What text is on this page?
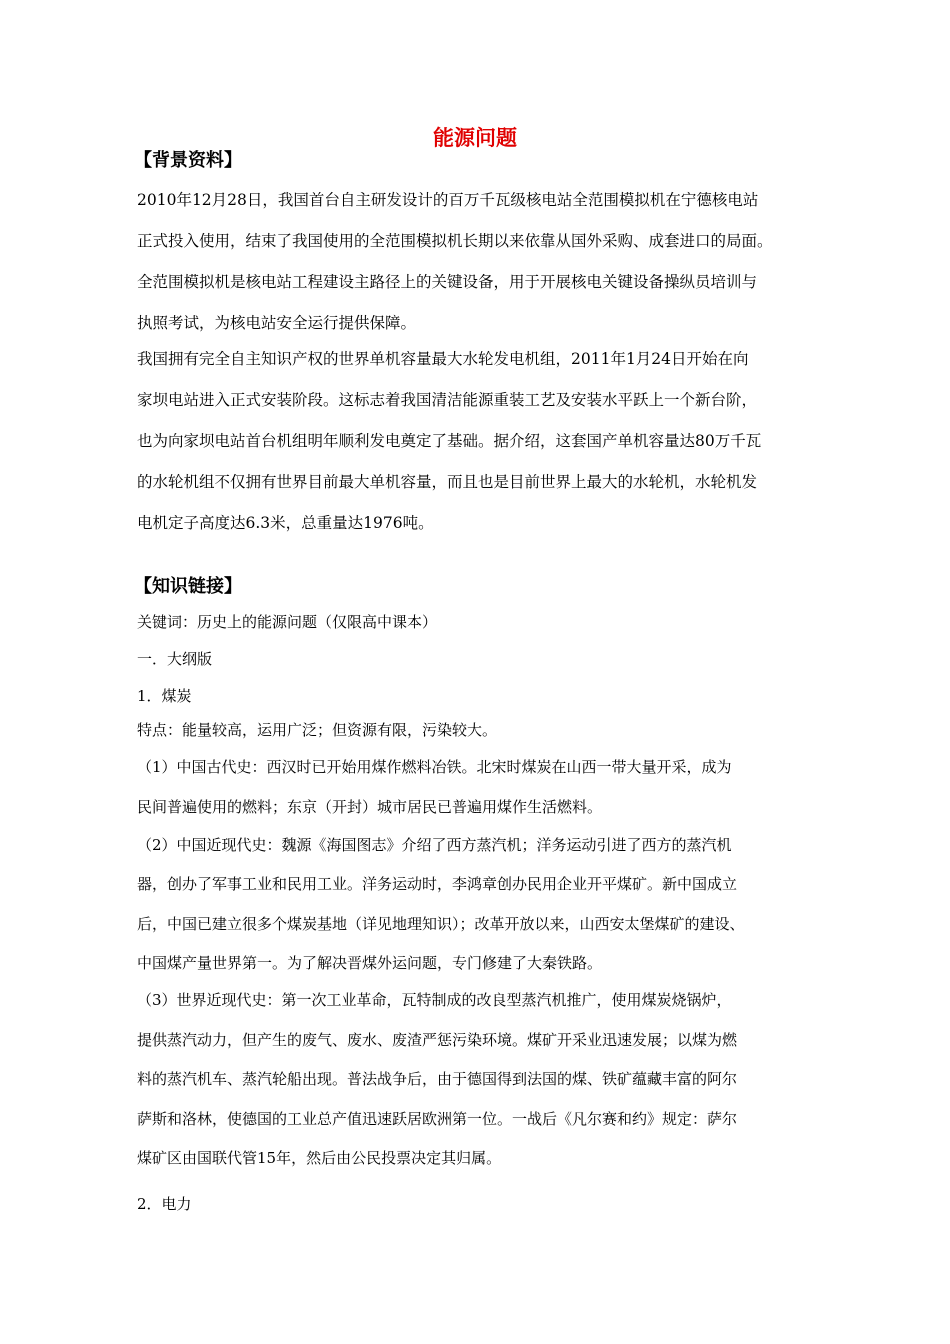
能源问题
【背景资料】
2010年12月28日，我国首台自主研发设计的百万千瓦级核电站全范围模拟机在宁德核电站
正式投入使用，结束了我国使用的全范围模拟机长期以来依靠从国外采购、成套进口的局面。
全范围模拟机是核电站工程建设主路径上的关键设备，用于开展核电关键设备操纵员培训与
执照考试，为核电站安全运行提供保障。
我国拥有完全自主知识产权的世界单机容量最大水轮发电机组，2011年1月24日开始在向
家坝电站进入正式安装阶段。这标志着我国清洁能源重装工艺及安装水平跃上一个新台阶，
也为向家坝电站首台机组明年顺利发电奠定了基础。据介绍，这套国产单机容量达80万千瓦
的水轮机组不仅拥有世界目前最大单机容量，而且也是目前世界上最大的水轮机，水轮机发
电机定子高度达6.3米，总重量达1976吨。
【知识链接】
关键词：历史上的能源问题（仅限高中课本）
一．大纲版
1．煤炭
特点：能量较高，运用广泛；但资源有限，污染较大。
（1）中国古代史：西汉时已开始用煤作燃料冶铁。北宋时煤炭在山西一带大量开采，成为
民间普遍使用的燃料；东京（开封）城市居民已普遍用煤作生活燃料。
（2）中国近现代史：魏源《海国图志》介绍了西方蒸汽机；洋务运动引进了西方的蒸汽机
器，创办了军事工业和民用工业。洋务运动时，李鸿章创办民用企业开平煤矿。新中国成立
后，中国已建立很多个煤炭基地（详见地理知识）；改革开放以来，山西安太堡煤矿的建设、
中国煤产量世界第一。为了解决晋煤外运问题，专门修建了大秦铁路。
（3）世界近现代史：第一次工业革命，瓦特制成的改良型蒸汽机推广，使用煤炭烧锅炉，
提供蒸汽动力，但产生的废气、废水、废渣严惩污染环境。煤矿开采业迅速发展；以煤为燃
料的蒸汽机车、蒸汽轮船出现。普法战争后，由于德国得到法国的煤、铁矿蕴藏丰富的阿尔
萨斯和洛林，使德国的工业总产值迅速跃居欧洲第一位。一战后《凡尔赛和约》规定：萨尔
煤矿区由国联代管15年，然后由公民投票决定其归属。
2．电力
